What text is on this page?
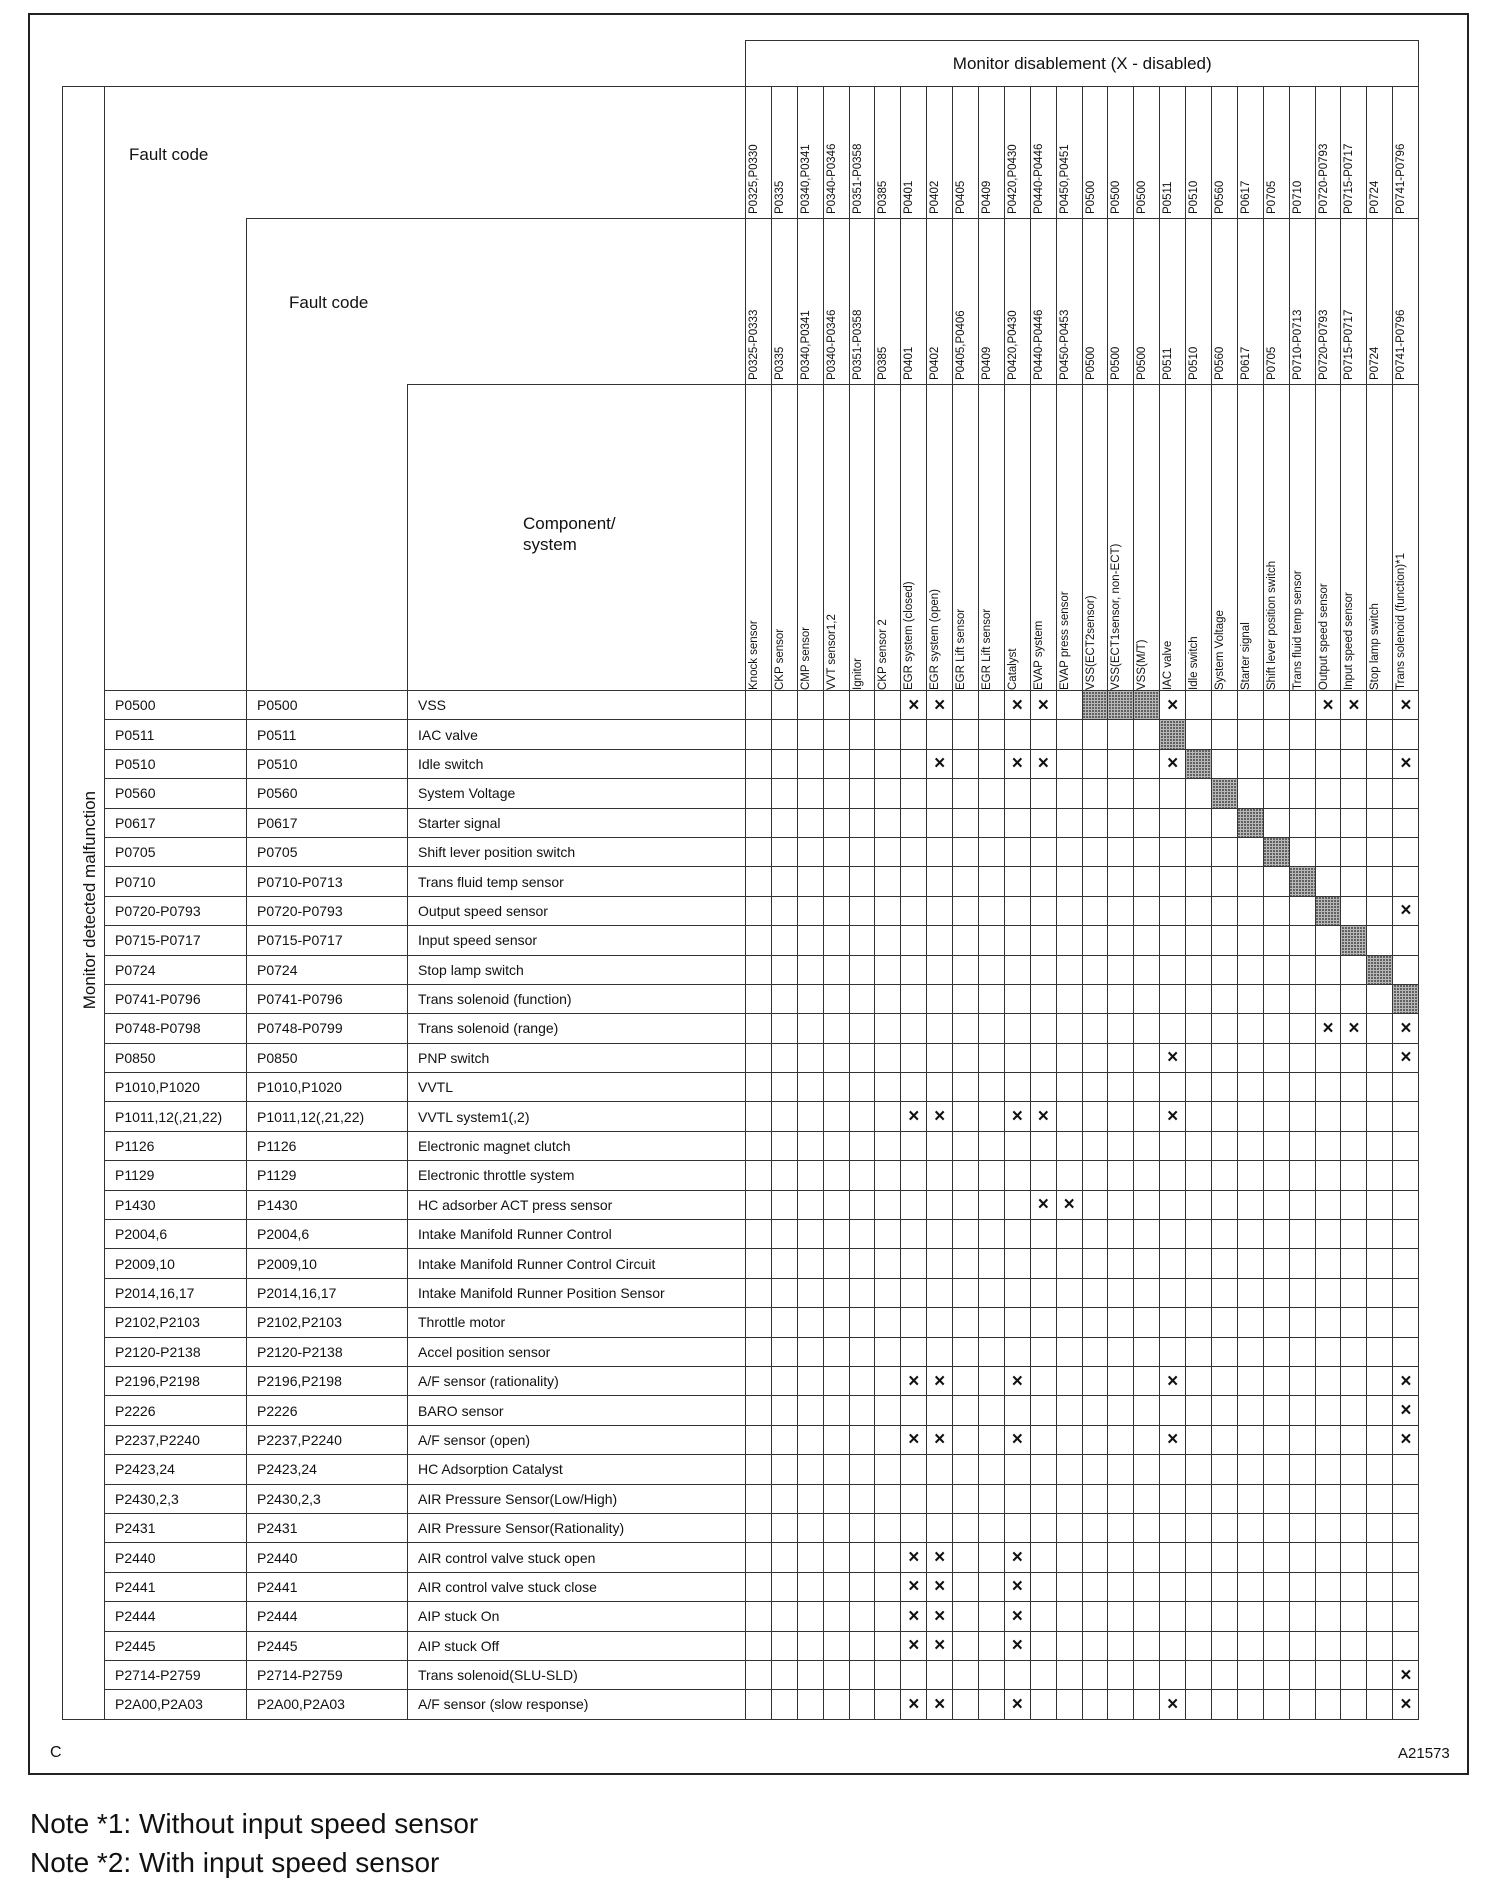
				Monitor disablement (X - disabled)																									

	Fault code			P0325,P0330	P0335	P0340,P0341	P0340-P0346	P0351-P0358	P0385	P0401	P0402	P0405	P0409	P0420,P0430	P0440-P0446	P0450,P0451	P0500	P0500	P0500	P0511	P0510	P0560	P0617	P0705	P0710	P0720-P0793	P0715-P0717	P0724	P0741-P0796

		Fault code		P0325-P0333	P0335	P0340,P0341	P0340-P0346	P0351-P0358	P0385	P0401	P0402	P0405,P0406	P0409	P0420,P0430	P0440-P0446	P0450-P0453	P0500	P0500	P0500	P0511	P0510	P0560	P0617	P0705	P0710-P0713	P0720-P0793	P0715-P0717	P0724	P0741-P0796

			Component/
system	Knock sensor	CKP sensor	CMP sensor	VVT sensor1,2	Ignitor	CKP sensor 2	EGR system (closed)	EGR system (open)	EGR Lift sensor	EGR Lift sensor	Catalyst	EVAP system	EVAP press sensor	VSS(ECT2sensor)	VSS(ECT1sensor, non-ECT)	VSS(M/T)	IAC valve	Idle switch	System Voltage	Starter signal	Shift lever position switch	Trans fluid temp sensor	Output speed sensor	Input speed sensor	Stop lamp switch	Trans solenoid (function)*1

	P0500	P0500	VSS							×	×			×	×					×						×	×		×
	P0511	P0511	IAC valve																										
	P0510	P0510	Idle switch								×			×	×					×									×
	P0560	P0560	System Voltage																										
	P0617	P0617	Starter signal																										
	P0705	P0705	Shift lever position switch																										
	P0710	P0710-P0713	Trans fluid temp sensor																										
	P0720-P0793	P0720-P0793	Output speed sensor																										×
	P0715-P0717	P0715-P0717	Input speed sensor																										
	P0724	P0724	Stop lamp switch																										
	P0741-P0796	P0741-P0796	Trans solenoid (function)																										
	P0748-P0798	P0748-P0799	Trans solenoid (range)																							×	×		×
	P0850	P0850	PNP switch																	×									×
	P1010,P1020	P1010,P1020	VVTL																										
	P1011,12(,21,22)	P1011,12(,21,22)	VVTL system1(,2)							×	×			×	×					×									
	P1126	P1126	Electronic magnet clutch																										
	P1129	P1129	Electronic throttle system																										
	P1430	P1430	HC adsorber ACT press sensor												×	×													
	P2004,6	P2004,6	Intake Manifold Runner Control																										
	P2009,10	P2009,10	Intake Manifold Runner Control Circuit																										
	P2014,16,17	P2014,16,17	Intake Manifold Runner Position Sensor																										
	P2102,P2103	P2102,P2103	Throttle motor																										
	P2120-P2138	P2120-P2138	Accel position sensor																										
	P2196,P2198	P2196,P2198	A/F sensor (rationality)							×	×			×						×									×
	P2226	P2226	BARO sensor																										×
	P2237,P2240	P2237,P2240	A/F sensor (open)							×	×			×						×									×
	P2423,24	P2423,24	HC Adsorption Catalyst																										
	P2430,2,3	P2430,2,3	AIR Pressure Sensor(Low/High)																										
	P2431	P2431	AIR Pressure Sensor(Rationality)																										
	P2440	P2440	AIR control valve stuck open							×	×			×															
	P2441	P2441	AIR control valve stuck close							×	×			×															
	P2444	P2444	AIP stuck On							×	×			×															
	P2445	P2445	AIP stuck Off							×	×			×															
	P2714-P2759	P2714-P2759	Trans solenoid(SLU-SLD)																										×
	P2A00,P2A03	P2A00,P2A03	A/F sensor (slow response)							×	×			×						×									×
Monitor detected malfunction
C	A21573
Note *1: Without input speed sensor
Note *2: With input speed sensor
